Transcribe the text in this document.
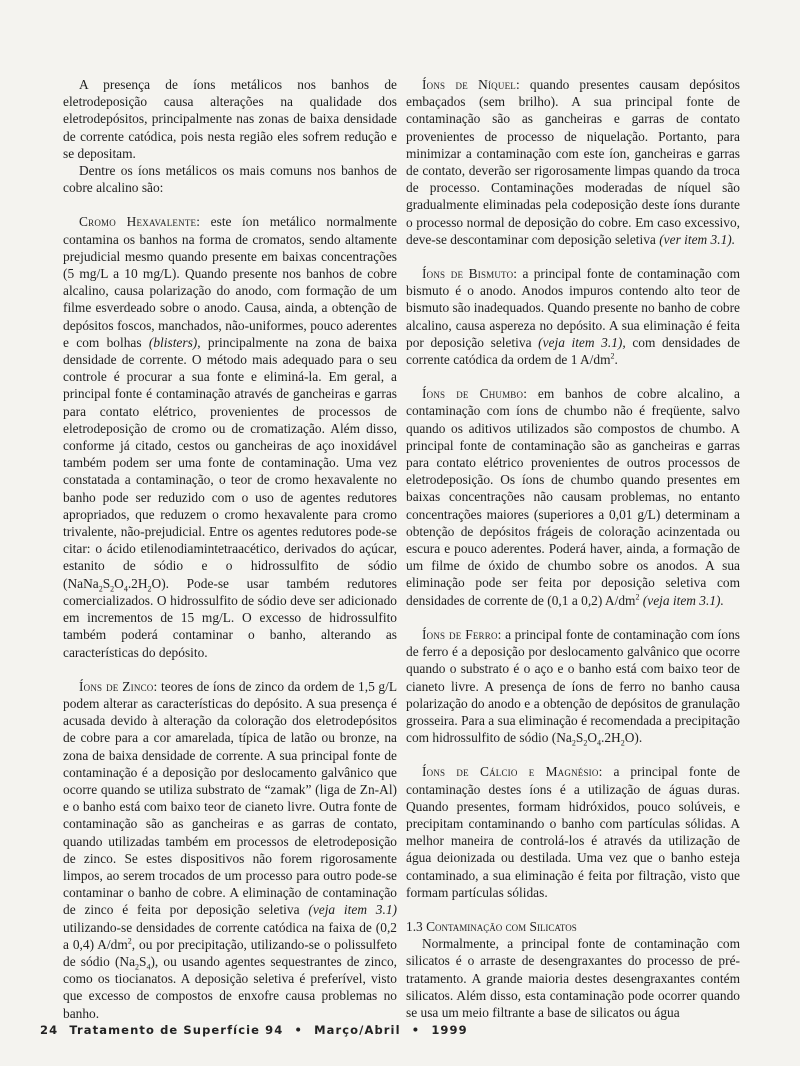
A presença de íons metálicos nos banhos de eletrodeposição causa alterações na qualidade dos eletrodepósitos, principalmente nas zonas de baixa densidade de corrente catódica, pois nesta região eles sofrem redução e se depositam.

Dentre os íons metálicos os mais comuns nos banhos de cobre alcalino são:

Cromo Hexavalente: este íon metálico normalmente contamina os banhos na forma de cromatos, sendo altamente prejudicial mesmo quando presente em baixas concentrações (5 mg/L a 10 mg/L). Quando presente nos banhos de cobre alcalino, causa polarização do anodo, com formação de um filme esverdeado sobre o anodo. Causa, ainda, a obtenção de depósitos foscos, manchados, não-uniformes, pouco aderentes e com bolhas (blisters), principalmente na zona de baixa densidade de corrente. O método mais adequado para o seu controle é procurar a sua fonte e eliminá-la. Em geral, a principal fonte é contaminação através de gancheiras e garras para contato elétrico, provenientes de processos de eletrodeposição de cromo ou de cromatização. Além disso, conforme já citado, cestos ou gancheiras de aço inoxidável também podem ser uma fonte de contaminação. Uma vez constatada a contaminação, o teor de cromo hexavalente no banho pode ser reduzido com o uso de agentes redutores apropriados, que reduzem o cromo hexavalente para cromo trivalente, não-prejudicial. Entre os agentes redutores pode-se citar: o ácido etilenodiamintetraacético, derivados do açúcar, estanito de sódio e o hidrossulfito de sódio $(NaNa_2S_2O_4.2H_2O)$. Pode-se usar também redutores comercializados. O hidrossulfito de sódio deve ser adicionado em incrementos de 15 mg/L. O excesso de hidrossulfito também poderá contaminar o banho, alterando as características do depósito.

Íons de Zinco: teores de íons de zinco da ordem de 1,5 g/L podem alterar as características do depósito. A sua presença é acusada devido à alteração da coloração dos eletrodepósitos de cobre para a cor amarelada, típica de latão ou bronze, na zona de baixa densidade de corrente. A sua principal fonte de contaminação é a deposição por deslocamento galvânico que ocorre quando se utiliza substrato de “zamak” (liga de Zn-Al) e o banho está com baixo teor de cianeto livre. Outra fonte de contaminação são as gancheiras e as garras de contato, quando utilizadas também em processos de eletrodeposição de zinco. Se estes dispositivos não forem rigorosamente limpos, ao serem trocados de um processo para outro pode-se contaminar o banho de cobre. A eliminação de contaminação de zinco é feita por deposição seletiva (veja item 3.1) utilizando-se densidades de corrente catódica na faixa de (0,2 a 0,4) $A/dm^2$, ou por precipitação, utilizando-se o polissulfeto de sódio $(Na_2S_4)$, ou usando agentes sequestrantes de zinco, como os tiocianatos. A deposição seletiva é preferível, visto que excesso de compostos de enxofre causa problemas no banho.

Íons de Níquel: quando presentes causam depósitos embaçados (sem brilho). A sua principal fonte de contaminação são as gancheiras e garras de contato provenientes de processo de niquelação. Portanto, para minimizar a contaminação com este íon, gancheiras e garras de contato, deverão ser rigorosamente limpas quando da troca de processo. Contaminações moderadas de níquel são gradualmente eliminadas pela codeposição deste íons durante o processo normal de deposição do cobre. Em caso excessivo, deve-se descontaminar com deposição seletiva (ver item 3.1).

Íons de Bismuto: a principal fonte de contaminação com bismuto é o anodo. Anodos impuros contendo alto teor de bismuto são inadequados. Quando presente no banho de cobre alcalino, causa aspereza no depósito. A sua eliminação é feita por deposição seletiva (veja item 3.1), com densidades de corrente catódica da ordem de 1 $A/dm^2$.

Íons de Chumbo: em banhos de cobre alcalino, a contaminação com íons de chumbo não é freqüente, salvo quando os aditivos utilizados são compostos de chumbo. A principal fonte de contaminação são as gancheiras e garras para contato elétrico provenientes de outros processos de eletrodeposição. Os íons de chumbo quando presentes em baixas concentrações não causam problemas, no entanto concentrações maiores (superiores a 0,01 g/L) determinam a obtenção de depósitos frágeis de coloração acinzentada ou escura e pouco aderentes. Poderá haver, ainda, a formação de um filme de óxido de chumbo sobre os anodos. A sua eliminação pode ser feita por deposição seletiva com densidades de corrente de (0,1 a 0,2) $A/dm^2$ (veja item 3.1).

Íons de Ferro: a principal fonte de contaminação com íons de ferro é a deposição por deslocamento galvânico que ocorre quando o substrato é o aço e o banho está com baixo teor de cianeto livre. A presença de íons de ferro no banho causa polarização do anodo e a obtenção de depósitos de granulação grosseira. Para a sua eliminação é recomendada a precipitação com hidrossulfito de sódio $(Na_2S_2O_4.2H_2O)$.

Íons de Cálcio e Magnésio: a principal fonte de contaminação destes íons é a utilização de águas duras. Quando presentes, formam hidróxidos, pouco solúveis, e precipitam contaminando o banho com partículas sólidas. A melhor maneira de controlá-los é através da utilização de água deionizada ou destilada. Uma vez que o banho esteja contaminado, a sua eliminação é feita por filtração, visto que formam partículas sólidas.

1.3 Contaminação com Silicatos

Normalmente, a principal fonte de contaminação com silicatos é o arraste de desengraxantes do processo de pré-tratamento. A grande maioria destes desengraxantes contém silicatos. Além disso, esta contaminação pode ocorrer quando se usa um meio filtrante a base de silicatos ou água

24 Tratamento de Superfície 94 • Março/Abril • 1999
